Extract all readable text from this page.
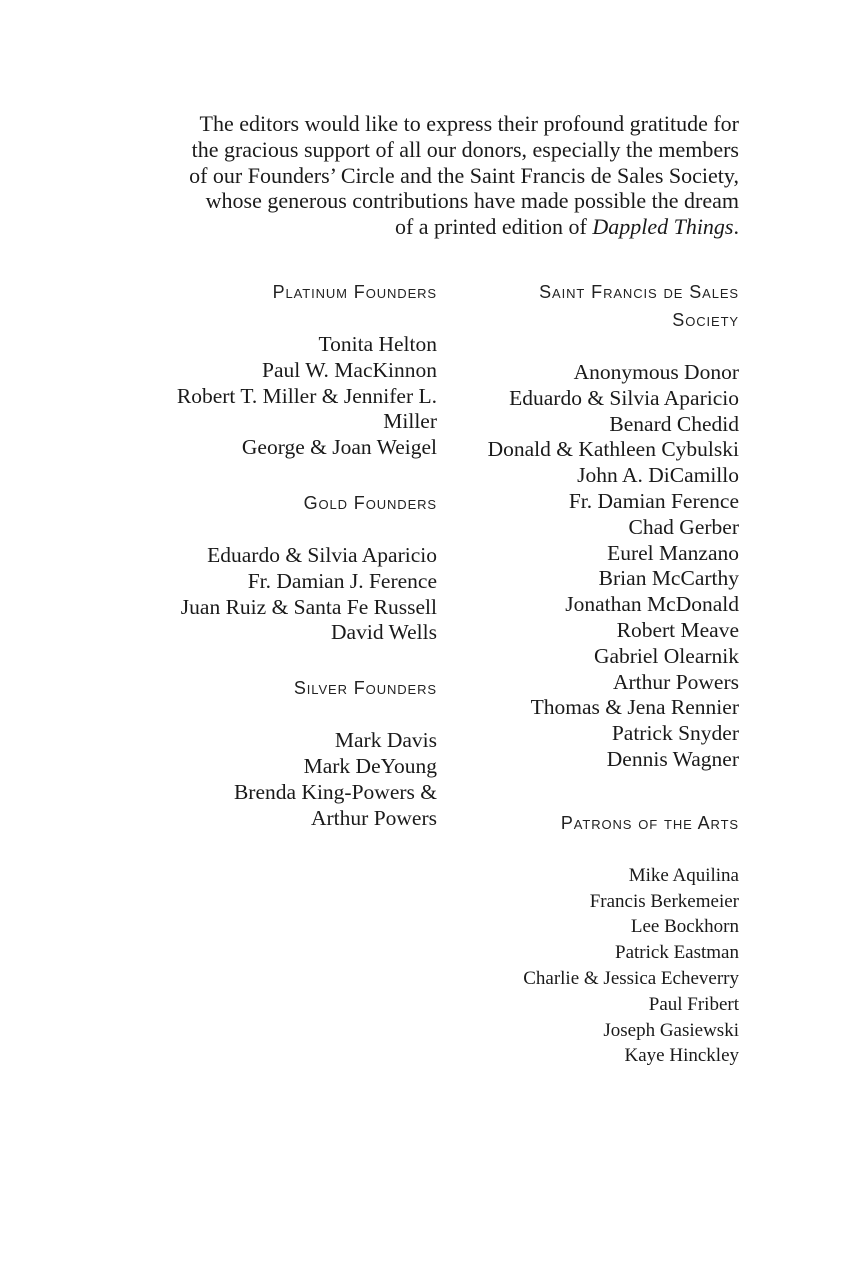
The editors would like to express their profound gratitude for
the gracious support of all our donors, especially the members
of our Founders’ Circle and the Saint Francis de Sales Society,
whose generous contributions have made possible the dream
of a printed edition of Dappled Things.
Platinum Founders
Tonita Helton
Paul W. MacKinnon
Robert T. Miller & Jennifer L.
Miller
George & Joan Weigel
Gold Founders
Eduardo & Silvia Aparicio
Fr. Damian J. Ference
Juan Ruiz & Santa Fe Russell
David Wells
Silver Founders
Mark Davis
Mark DeYoung
Brenda King-Powers &
Arthur Powers
Saint Francis de Sales
Society
Anonymous Donor
Eduardo & Silvia Aparicio
Benard Chedid
Donald & Kathleen Cybulski
John A. DiCamillo
Fr. Damian Ference
Chad Gerber
Eurel Manzano
Brian McCarthy
Jonathan McDonald
Robert Meave
Gabriel Olearnik
Arthur Powers
Thomas & Jena Rennier
Patrick Snyder
Dennis Wagner
Patrons of the Arts
Mike Aquilina
Francis Berkemeier
Lee Bockhorn
Patrick Eastman
Charlie & Jessica Echeverry
Paul Fribert
Joseph Gasiewski
Kaye Hinckley
